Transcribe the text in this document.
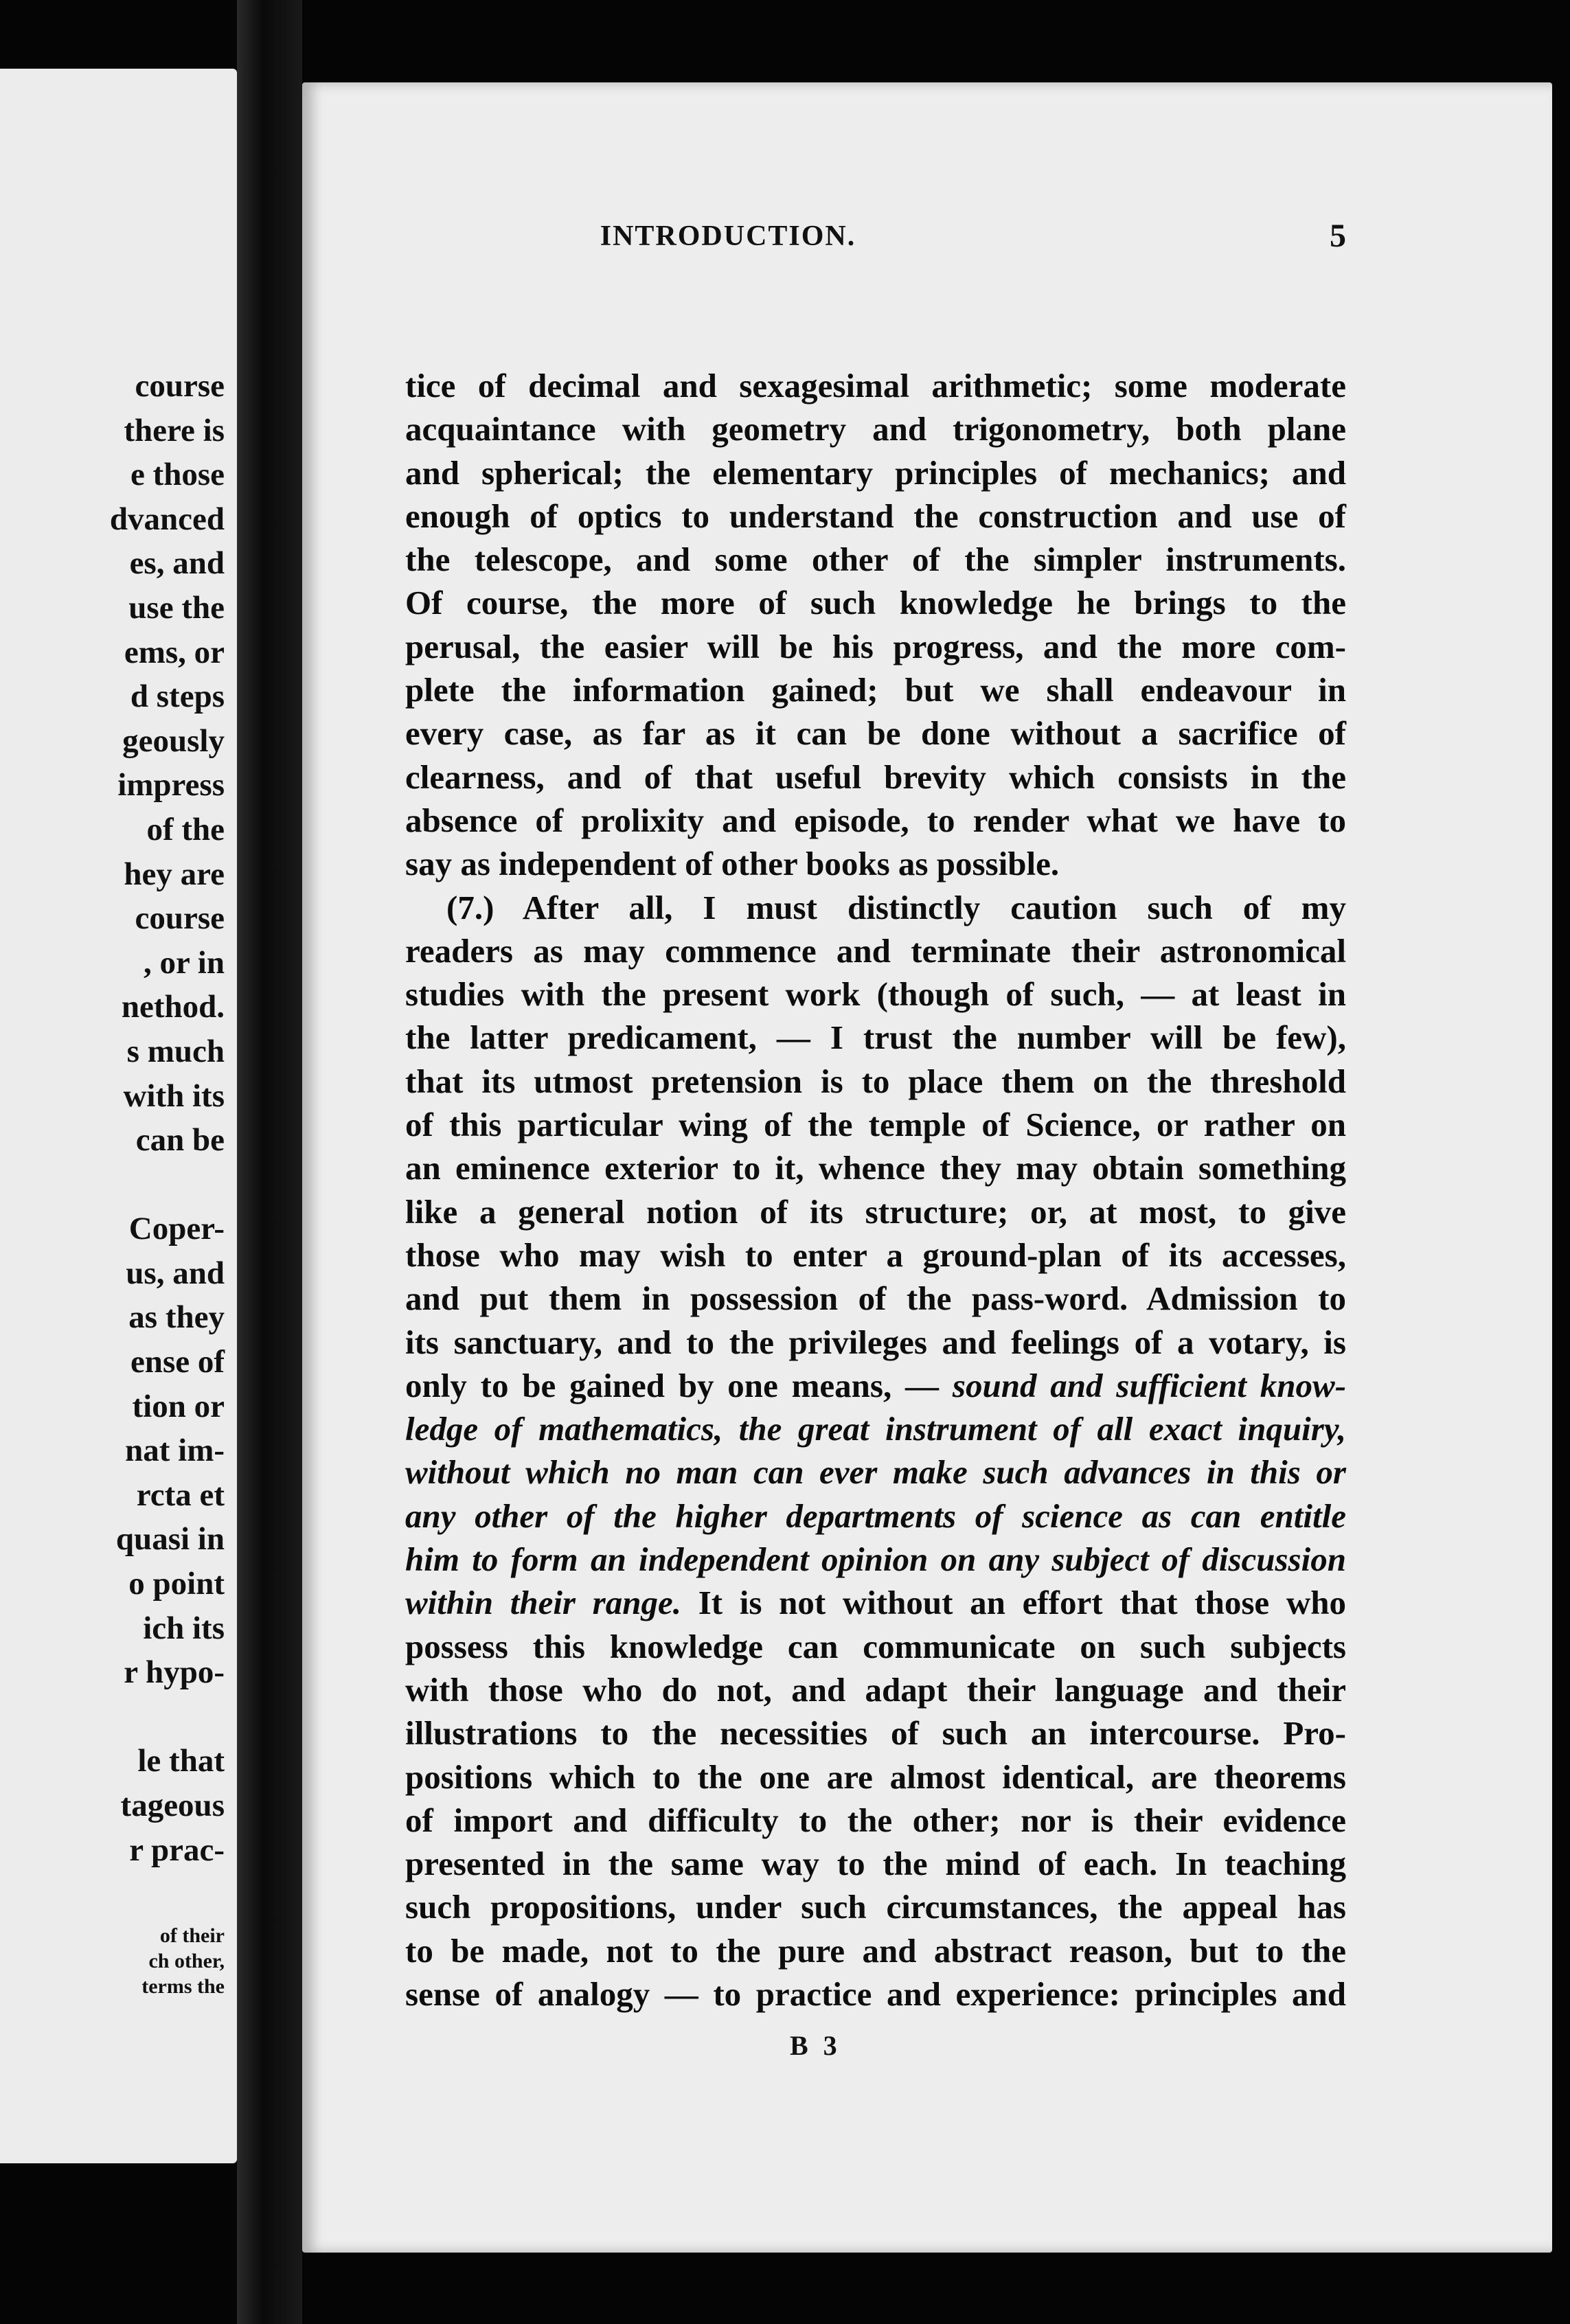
course
there is
e those
dvanced
es, and
use the
ems, or
d steps
geously
impress
of the
hey are
course
, or in
nethod.
s much
with its
can be

Coper-
us, and
as they
ense of
tion or
nat im-
rcta et
quasi in
o point
ich its
r hypo-

le that
tageous
r prac-
of their
ch other,
terms the
INTRODUCTION.	5
tice of decimal and sexagesimal arithmetic; some moderate
acquaintance with geometry and trigonometry, both plane
and spherical; the elementary principles of mechanics; and
enough of optics to understand the construction and use of
the telescope, and some other of the simpler instruments.
Of course, the more of such knowledge he brings to the
perusal, the easier will be his progress, and the more com-
plete the information gained; but we shall endeavour in
every case, as far as it can be done without a sacrifice of
clearness, and of that useful brevity which consists in the
absence of prolixity and episode, to render what we have to
say as independent of other books as possible.
(7.) After all, I must distinctly caution such of my
readers as may commence and terminate their astronomical
studies with the present work (though of such, — at least in
the latter predicament, — I trust the number will be few),
that its utmost pretension is to place them on the threshold
of this particular wing of the temple of Science, or rather on
an eminence exterior to it, whence they may obtain something
like a general notion of its structure; or, at most, to give
those who may wish to enter a ground-plan of its accesses,
and put them in possession of the pass-word. Admission to
its sanctuary, and to the privileges and feelings of a votary, is
only to be gained by one means, — sound and sufficient know-
ledge of mathematics, the great instrument of all exact inquiry,
without which no man can ever make such advances in this or
any other of the higher departments of science as can entitle
him to form an independent opinion on any subject of discussion
within their range. It is not without an effort that those who
possess this knowledge can communicate on such subjects
with those who do not, and adapt their language and their
illustrations to the necessities of such an intercourse. Pro-
positions which to the one are almost identical, are theorems
of import and difficulty to the other; nor is their evidence
presented in the same way to the mind of each. In teaching
such propositions, under such circumstances, the appeal has
to be made, not to the pure and abstract reason, but to the
sense of analogy — to practice and experience: principles and
B 3
